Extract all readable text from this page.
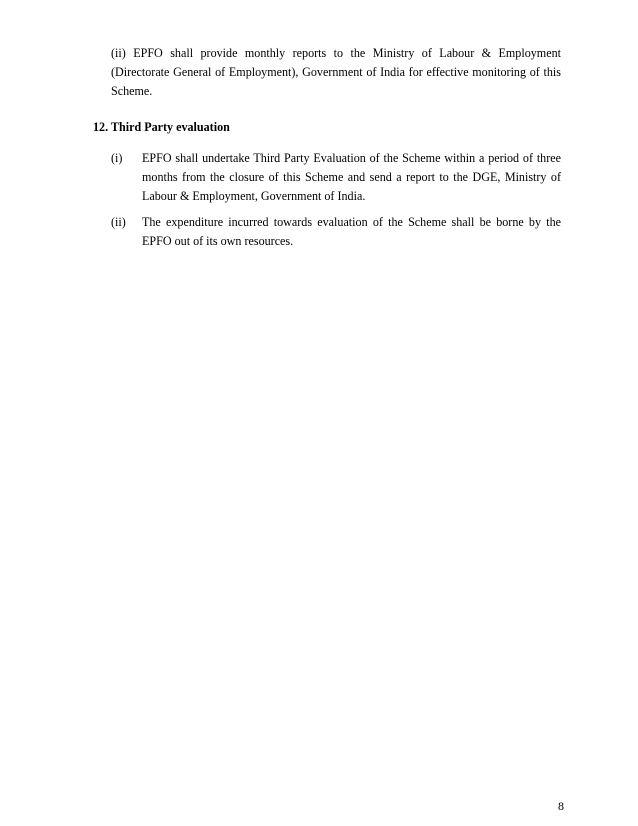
(ii) EPFO shall provide monthly reports to the Ministry of Labour & Employment (Directorate General of Employment), Government of India for effective monitoring of this Scheme.

12. Third Party evaluation

(i) EPFO shall undertake Third Party Evaluation of the Scheme within a period of three months from the closure of this Scheme and send a report to the DGE, Ministry of Labour & Employment, Government of India.

(ii) The expenditure incurred towards evaluation of the Scheme shall be borne by the EPFO out of its own resources.

8
